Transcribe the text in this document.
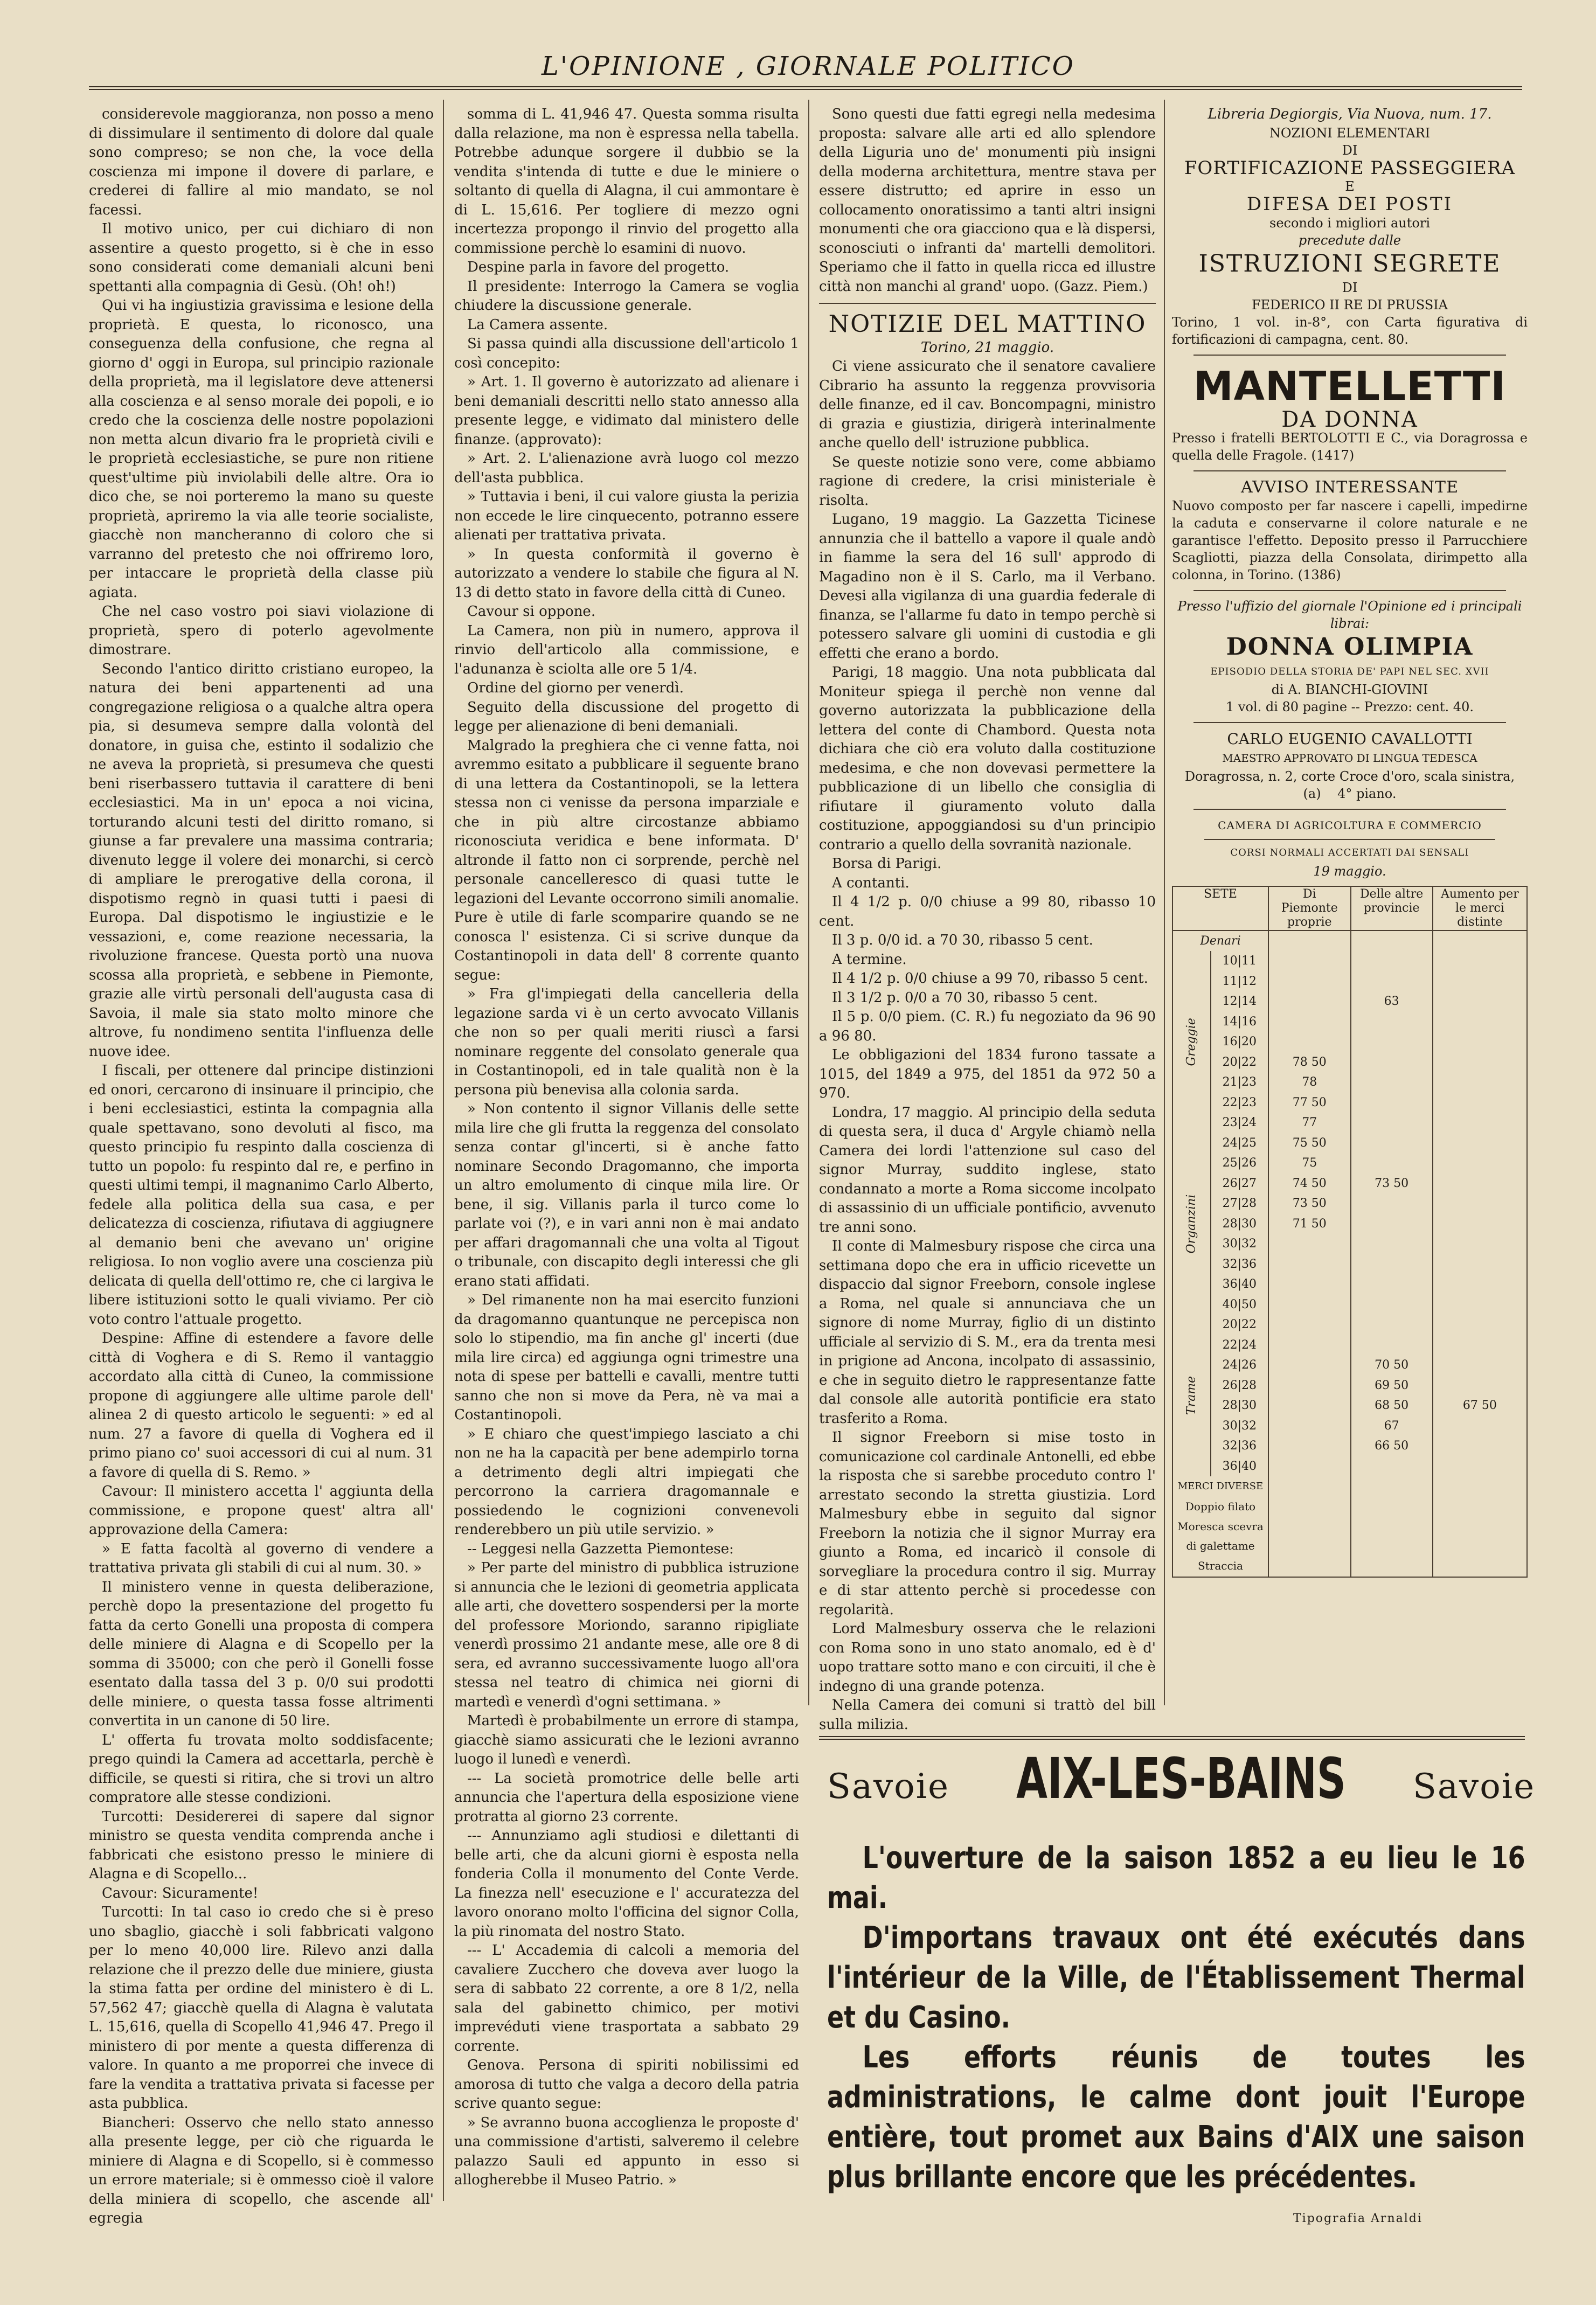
L'OPINIONE , GIORNALE POLITICO

considerevole maggioranza, non posso a meno di dissimulare il sentimento di dolore dal quale sono compreso; se non che, la voce della coscienza mi impone il dovere di parlare, e crederei di fallire al mio mandato, se nol facessi.

Il motivo unico, per cui dichiaro di non assentire a questo progetto, si è che in esso sono considerati come demaniali alcuni beni spettanti alla compagnia di Gesù. (Oh! oh!)

Qui vi ha ingiustizia gravissima e lesione della proprietà. E questa, lo riconosco, una conseguenza della confusione, che regna al giorno d' oggi in Europa, sul principio razionale della proprietà, ma il legislatore deve attenersi alla coscienza e al senso morale dei popoli, e io credo che la coscienza delle nostre popolazioni non metta alcun divario fra le proprietà civili e le proprietà ecclesiastiche, se pure non ritiene quest'ultime più inviolabili delle altre. Ora io dico che, se noi porteremo la mano su queste proprietà, apriremo la via alle teorie socialiste, giacchè non mancheranno di coloro che si varranno del pretesto che noi offriremo loro, per intaccare le proprietà della classe più agiata.

Che nel caso vostro poi siavi violazione di proprietà, spero di poterlo agevolmente dimostrare.

Secondo l'antico diritto cristiano europeo, la natura dei beni appartenenti ad una congregazione religiosa o a qualche altra opera pia, si desumeva sempre dalla volontà del donatore, in guisa che, estinto il sodalizio che ne aveva la proprietà, si presumeva che questi beni riserbassero tuttavia il carattere di beni ecclesiastici. Ma in un' epoca a noi vicina, torturando alcuni testi del diritto romano, si giunse a far prevalere una massima contraria; divenuto legge il volere dei monarchi, si cercò di ampliare le prerogative della corona, il dispotismo regnò in quasi tutti i paesi di Europa. Dal dispotismo le ingiustizie e le vessazioni, e, come reazione necessaria, la rivoluzione francese. Questa portò una nuova scossa alla proprietà, e sebbene in Piemonte, grazie alle virtù personali dell'augusta casa di Savoia, il male sia stato molto minore che altrove, fu nondimeno sentita l'influenza delle nuove idee.

I fiscali, per ottenere dal principe distinzioni ed onori, cercarono di insinuare il principio, che i beni ecclesiastici, estinta la compagnia alla quale spettavano, sono devoluti al fisco, ma questo principio fu respinto dalla coscienza di tutto un popolo: fu respinto dal re, e perfino in questi ultimi tempi, il magnanimo Carlo Alberto, fedele alla politica della sua casa, e per delicatezza di coscienza, rifiutava di aggiugnere al demanio beni che avevano un' origine religiosa. Io non voglio avere una coscienza più delicata di quella dell'ottimo re, che ci largiva le libere istituzioni sotto le quali viviamo. Per ciò voto contro l'attuale progetto.

Despine: Affine di estendere a favore delle città di Voghera e di S. Remo il vantaggio accordato alla città di Cuneo, la commissione propone di aggiungere alle ultime parole dell' alinea 2 di questo articolo le seguenti: » ed al num. 27 a favore di quella di Voghera ed il primo piano co' suoi accessori di cui al num. 31 a favore di quella di S. Remo. »

Cavour: Il ministero accetta l' aggiunta della commissione, e propone quest' altra all' approvazione della Camera:

» E fatta facoltà al governo di vendere a trattativa privata gli stabili di cui al num. 30. »

Il ministero venne in questa deliberazione, perchè dopo la presentazione del progetto fu fatta da certo Gonelli una proposta di compera delle miniere di Alagna e di Scopello per la somma di 35000; con che però il Gonelli fosse esentato dalla tassa del 3 p. 0/0 sui prodotti delle miniere, o questa tassa fosse altrimenti convertita in un canone di 50 lire.

L' offerta fu trovata molto soddisfacente; prego quindi la Camera ad accettarla, perchè è difficile, se questi si ritira, che si trovi un altro compratore alle stesse condizioni.

Turcotti: Desidererei di sapere dal signor ministro se questa vendita comprenda anche i fabbricati che esistono presso le miniere di Alagna e di Scopello...

Cavour: Sicuramente!

Turcotti: In tal caso io credo che si è preso uno sbaglio, giacchè i soli fabbricati valgono per lo meno 40,000 lire. Rilevo anzi dalla relazione che il prezzo delle due miniere, giusta la stima fatta per ordine del ministero è di L. 57,562 47; giacchè quella di Alagna è valutata L. 15,616, quella di Scopello 41,946 47. Prego il ministero di por mente a questa differenza di valore. In quanto a me proporrei che invece di fare la vendita a trattativa privata si facesse per asta pubblica.

Biancheri: Osservo che nello stato annesso alla presente legge, per ciò che riguarda le miniere di Alagna e di Scopello, si è commesso un errore materiale; si è ommesso cioè il valore della miniera di scopello, che ascende all' egregia

somma di L. 41,946 47. Questa somma risulta dalla relazione, ma non è espressa nella tabella. Potrebbe adunque sorgere il dubbio se la vendita s'intenda di tutte e due le miniere o soltanto di quella di Alagna, il cui ammontare è di L. 15,616. Per togliere di mezzo ogni incertezza propongo il rinvio del progetto alla commissione perchè lo esamini di nuovo.

Despine parla in favore del progetto.

Il presidente: Interrogo la Camera se voglia chiudere la discussione generale.

La Camera assente.

Si passa quindi alla discussione dell'articolo 1 così concepito:

» Art. 1. Il governo è autorizzato ad alienare i beni demaniali descritti nello stato annesso alla presente legge, e vidimato dal ministero delle finanze. (approvato):

» Art. 2. L'alienazione avrà luogo col mezzo dell'asta pubblica.

» Tuttavia i beni, il cui valore giusta la perizia non eccede le lire cinquecento, potranno essere alienati per trattativa privata.

» In questa conformità il governo è autorizzato a vendere lo stabile che figura al N. 13 di detto stato in favore della città di Cuneo.

Cavour si oppone.

La Camera, non più in numero, approva il rinvio dell'articolo alla commissione, e l'adunanza è sciolta alle ore 5 1/4.

Ordine del giorno per venerdì.

Seguito della discussione del progetto di legge per alienazione di beni demaniali.

Malgrado la preghiera che ci venne fatta, noi avremmo esitato a pubblicare il seguente brano di una lettera da Costantinopoli, se la lettera stessa non ci venisse da persona imparziale e che in più altre circostanze abbiamo riconosciuta veridica e bene informata. D' altronde il fatto non ci sorprende, perchè nel personale cancelleresco di quasi tutte le legazioni del Levante occorrono simili anomalie. Pure è utile di farle scomparire quando se ne conosca l' esistenza. Ci si scrive dunque da Costantinopoli in data dell' 8 corrente quanto segue:

» Fra gl'impiegati della cancelleria della legazione sarda vi è un certo avvocato Villanis che non so per quali meriti riuscì a farsi nominare reggente del consolato generale qua in Costantinopoli, ed in tale qualità non è la persona più benevisa alla colonia sarda.

» Non contento il signor Villanis delle sette mila lire che gli frutta la reggenza del consolato senza contar gl'incerti, si è anche fatto nominare Secondo Dragomanno, che importa un altro emolumento di cinque mila lire. Or bene, il sig. Villanis parla il turco come lo parlate voi (?), e in vari anni non è mai andato per affari dragomannali che una volta al Tigout o tribunale, con discapito degli interessi che gli erano stati affidati.

» Del rimanente non ha mai esercito funzioni da dragomanno quantunque ne percepisca non solo lo stipendio, ma fin anche gl' incerti (due mila lire circa) ed aggiunga ogni trimestre una nota di spese per battelli e cavalli, mentre tutti sanno che non si move da Pera, nè va mai a Costantinopoli.

» E chiaro che quest'impiego lasciato a chi non ne ha la capacità per bene adempirlo torna a detrimento degli altri impiegati che percorrono la carriera dragomannale e possiedendo le cognizioni convenevoli renderebbero un più utile servizio. »

-- Leggesi nella Gazzetta Piemontese:

» Per parte del ministro di pubblica istruzione si annuncia che le lezioni di geometria applicata alle arti, che dovettero sospendersi per la morte del professore Moriondo, saranno ripigliate venerdì prossimo 21 andante mese, alle ore 8 di sera, ed avranno successivamente luogo all'ora stessa nel teatro di chimica nei giorni di martedì e venerdì d'ogni settimana. »

Martedì è probabilmente un errore di stampa, giacchè siamo assicurati che le lezioni avranno luogo il lunedì e venerdì.

--- La società promotrice delle belle arti annuncia che l'apertura della esposizione viene protratta al giorno 23 corrente.

--- Annunziamo agli studiosi e dilettanti di belle arti, che da alcuni giorni è esposta nella fonderia Colla il monumento del Conte Verde. La finezza nell' esecuzione e l' accuratezza del lavoro onorano molto l'officina del signor Colla, la più rinomata del nostro Stato.

--- L' Accademia di calcoli a memoria del cavaliere Zucchero che doveva aver luogo la sera di sabbato 22 corrente, a ore 8 1/2, nella sala del gabinetto chimico, per motivi imprevéduti viene trasportata a sabbato 29 corrente.

Genova. Persona di spiriti nobilissimi ed amorosa di tutto che valga a decoro della patria scrive quanto segue:

» Se avranno buona accoglienza le proposte d' una commissione d'artisti, salveremo il celebre palazzo Sauli ed appunto in esso si allogherebbe il Museo Patrio. »

Sono questi due fatti egregi nella medesima proposta: salvare alle arti ed allo splendore della Liguria uno de' monumenti più insigni della moderna architettura, mentre stava per essere distrutto; ed aprire in esso un collocamento onoratissimo a tanti altri insigni monumenti che ora giacciono qua e là dispersi, sconosciuti o infranti da' martelli demolitori. Speriamo che il fatto in quella ricca ed illustre città non manchi al grand' uopo. (Gazz. Piem.)

NOTIZIE DEL MATTINO

Torino, 21 maggio.

Ci viene assicurato che il senatore cavaliere Cibrario ha assunto la reggenza provvisoria delle finanze, ed il cav. Boncompagni, ministro di grazia e giustizia, dirigerà interinalmente anche quello dell' istruzione pubblica.

Se queste notizie sono vere, come abbiamo ragione di credere, la crisi ministeriale è risolta.

Lugano, 19 maggio. La Gazzetta Ticinese annunzia che il battello a vapore il quale andò in fiamme la sera del 16 sull' approdo di Magadino non è il S. Carlo, ma il Verbano. Devesi alla vigilanza di una guardia federale di finanza, se l'allarme fu dato in tempo perchè si potessero salvare gli uomini di custodia e gli effetti che erano a bordo.

Parigi, 18 maggio. Una nota pubblicata dal Moniteur spiega il perchè non venne dal governo autorizzata la pubblicazione della lettera del conte di Chambord. Questa nota dichiara che ciò era voluto dalla costituzione medesima, e che non dovevasi permettere la pubblicazione di un libello che consiglia di rifiutare il giuramento voluto dalla costituzione, appoggiandosi su d'un principio contrario a quello della sovranità nazionale.

Borsa di Parigi.

A contanti.

Il 4 1/2 p. 0/0 chiuse a 99 80, ribasso 10 cent.

Il 3 p. 0/0 id. a 70 30, ribasso 5 cent.

A termine.

Il 4 1/2 p. 0/0 chiuse a 99 70, ribasso 5 cent.

Il 3 1/2 p. 0/0 a 70 30, ribasso 5 cent.

Il 5 p. 0/0 piem. (C. R.) fu negoziato da 96 90 a 96 80.

Le obbligazioni del 1834 furono tassate a 1015, del 1849 a 975, del 1851 da 972 50 a 970.

Londra, 17 maggio. Al principio della seduta di questa sera, il duca d' Argyle chiamò nella Camera dei lordi l'attenzione sul caso del signor Murray, suddito inglese, stato condannato a morte a Roma siccome incolpato di assassinio di un ufficiale pontificio, avvenuto tre anni sono.

Il conte di Malmesbury rispose che circa una settimana dopo che era in ufficio ricevette un dispaccio dal signor Freeborn, console inglese a Roma, nel quale si annunciava che un signore di nome Murray, figlio di un distinto ufficiale al servizio di S. M., era da trenta mesi in prigione ad Ancona, incolpato di assassinio, e che in seguito dietro le rappresentanze fatte dal console alle autorità pontificie era stato trasferito a Roma.

Il signor Freeborn si mise tosto in comunicazione col cardinale Antonelli, ed ebbe la risposta che si sarebbe proceduto contro l' arrestato secondo la stretta giustizia. Lord Malmesbury ebbe in seguito dal signor Freeborn la notizia che il signor Murray era giunto a Roma, ed incaricò il console di sorvegliare la procedura contro il sig. Murray e di star attento perchè si procedesse con regolarità.

Lord Malmesbury osserva che le relazioni con Roma sono in uno stato anomalo, ed è d' uopo trattare sotto mano e con circuiti, il che è indegno di una grande potenza.

Nella Camera dei comuni si trattò del bill sulla milizia.

Libreria Degiorgis, Via Nuova, num. 17.
NOZIONI ELEMENTARI
DI
FORTIFICAZIONE PASSEGGIERA
E
DIFESA DEI POSTI
secondo i migliori autori
precedute dalle
ISTRUZIONI SEGRETE
DI
FEDERICO II RE DI PRUSSIA
Torino, 1 vol. in-8°, con Carta figurativa di fortificazioni di campagna, cent. 80.
MANTELLETTI
DA DONNA
Presso i fratelli BERTOLOTTI E C., via Doragrossa e quella delle Fragole. (1417)
AVVISO INTERESSANTE
Nuovo composto per far nascere i capelli, impedirne la caduta e conservarne il colore naturale e ne garantisce l'effetto. Deposito presso il Parrucchiere Scagliotti, piazza della Consolata, dirimpetto alla colonna, in Torino. (1386)
Presso l'uffizio del giornale l'Opinione ed i principali librai:
DONNA OLIMPIA
EPISODIO DELLA STORIA DE' PAPI NEL SEC. XVII
di A. BIANCHI-GIOVINI
1 vol. di 80 pagine -- Prezzo: cent. 40.
CARLO EUGENIO CAVALLOTTI
MAESTRO APPROVATO DI LINGUA TEDESCA
Doragrossa, n. 2, corte Croce d'oro, scala sinistra,
(a) 4° piano.
CAMERA DI AGRICOLTURA E COMMERCIO
CORSI NORMALI ACCERTATI DAI SENSALI
19 maggio.
SETE		Di Piemonte proprie	Delle altre provincie	Aumento per le merci distinte
Denari				
Greggie	10|11			
	11|12			
	12|14		63	
	14|16			
	16|20			
	20|22	78 50		
	21|23	78		
	22|23	77 50		
	23|24	77		
Organzini	24|25	75 50		
	25|26	75		
	26|27	74 50	73 50	
	27|28	73 50		
	28|30	71 50		
	30|32			
	32|36			
	36|40			
	40|50			
Trame	20|22			
	22|24			
	24|26		70 50	
	26|28		69 50	
	28|30		68 50	67 50
	30|32		67	
	32|36		66 50	
	36|40			
MERCI DIVERSE				
Doppio filato				
Moresca scevra di galettame				
Straccia				
Savoie AIX-LES-BAINS Savoie

L'ouverture de la saison 1852 a eu lieu le 16 mai.

D'importans travaux ont été exécutés dans l'intérieur de la Ville, de l'Établissement Thermal et du Casino.

Les efforts réunis de toutes les administrations, le calme dont jouit l'Europe entière, tout promet aux Bains d'AIX une saison plus brillante encore que les précédentes.

Tipografia Arnaldi
